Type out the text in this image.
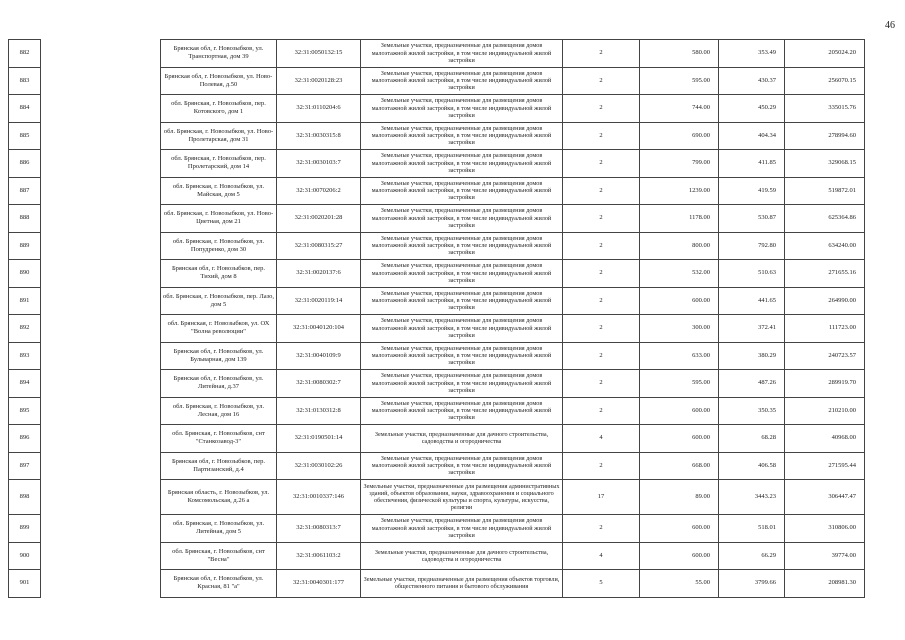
46
882		Брянская обл, г. Новозыбков, ул. Транспортная, дом 39	32:31:0050132:15	Земельные участки, предназначенные для размещения домов малоэтажной жилой застройки, в том числе индивидуальной жилой застройки	2	580.00	353.49	205024.20
883		Брянская обл, г. Новозыбков, ул. Ново-Полевая, д.50	32:31:0020128:23	Земельные участки, предназначенные для размещения домов малоэтажной жилой застройки, в том числе индивидуальной жилой застройки	2	595.00	430.37	256070.15
884		обл. Брянская, г. Новозыбков, пер. Котовского, дом 1	32:31:0110204:6	Земельные участки, предназначенные для размещения домов малоэтажной жилой застройки, в том числе индивидуальной жилой застройки	2	744.00	450.29	335015.76
885		обл. Брянская, г. Новозыбков, ул. Ново-Пролетарская, дом 31	32:31:0030315:8	Земельные участки, предназначенные для размещения домов малоэтажной жилой застройки, в том числе индивидуальной жилой застройки	2	690.00	404.34	278994.60
886		обл. Брянская, г. Новозыбков, пер. Пролетарский, дом 14	32:31:0030103:7	Земельные участки, предназначенные для размещения домов малоэтажной жилой застройки, в том числе индивидуальной жилой застройки	2	799.00	411.85	329068.15
887		обл. Брянская, г. Новозыбков, ул. Майская, дом 5	32:31:0070206:2	Земельные участки, предназначенные для размещения домов малоэтажной жилой застройки, в том числе индивидуальной жилой застройки	2	1239.00	419.59	519872.01
888		обл. Брянская, г. Новозыбков, ул. Ново-Цветная, дом 21	32:31:0020201:28	Земельные участки, предназначенные для размещения домов малоэтажной жилой застройки, в том числе индивидуальной жилой застройки	2	1178.00	530.87	625364.86
889		обл. Брянская, г. Новозыбков, ул. Попудренко, дом 30	32:31:0080315:27	Земельные участки, предназначенные для размещения домов малоэтажной жилой застройки, в том числе индивидуальной жилой застройки	2	800.00	792.80	634240.00
890		Брянская обл, г. Новозыбков, пер. Тихий, дом 8	32:31:0020137:6	Земельные участки, предназначенные для размещения домов малоэтажной жилой застройки, в том числе индивидуальной жилой застройки	2	532.00	510.63	271655.16
891		обл. Брянская, г. Новозыбков, пер. Лазо, дом 5	32:31:0020119:14	Земельные участки, предназначенные для размещения домов малоэтажной жилой застройки, в том числе индивидуальной жилой застройки	2	600.00	441.65	264990.00
892		обл. Брянская, г. Новозыбков, ул. ОХ "Волна революции"	32:31:0040120:104	Земельные участки, предназначенные для размещения домов малоэтажной жилой застройки, в том числе индивидуальной жилой застройки	2	300.00	372.41	111723.00
893		Брянская обл, г. Новозыбков, ул. Бульварная, дом 139	32:31:0040109:9	Земельные участки, предназначенные для размещения домов малоэтажной жилой застройки, в том числе индивидуальной жилой застройки	2	633.00	380.29	240723.57
894		Брянская обл, г. Новозыбков, ул. Литейная, д.37	32:31:0080302:7	Земельные участки, предназначенные для размещения домов малоэтажной жилой застройки, в том числе индивидуальной жилой застройки	2	595.00	487.26	289919.70
895		обл. Брянская, г. Новозыбков, ул. Лесная, дом 16	32:31:0130312:8	Земельные участки, предназначенные для размещения домов малоэтажной жилой застройки, в том числе индивидуальной жилой застройки	2	600.00	350.35	210210.00
896		обл. Брянская, г. Новозыбков, снт "Станкозавод-3"	32:31:0190501:14	Земельные участки, предназначенные для дачного строительства, садоводства и огородничества	4	600.00	68.28	40968.00
897		Брянская обл, г. Новозыбков, пер. Партизанский, д.4	32:31:0030102:26	Земельные участки, предназначенные для размещения домов малоэтажной жилой застройки, в том числе индивидуальной жилой застройки	2	668.00	406.58	271595.44
898		Брянская область, г. Новозыбков, ул. Комсомольская, д.26 а	32:31:0010337:146	Земельные участки, предназначенные для размещения административных зданий, объектов образования, науки, здравоохранения и социального обеспечения, физической культуры и спорта, культуры, искусства, религии	17	89.00	3443.23	306447.47
899		обл. Брянская, г. Новозыбков, ул. Литейная, дом 5	32:31:0080313:7	Земельные участки, предназначенные для размещения домов малоэтажной жилой застройки, в том числе индивидуальной жилой застройки	2	600.00	518.01	310806.00
900		обл. Брянская, г. Новозыбков, снт "Весна"	32:31:0061103:2	Земельные участки, предназначенные для дачного строительства, садоводства и огородничества	4	600.00	66.29	39774.00
901		Брянская обл, г. Новозыбков, ул. Красная, 81 "а"	32:31:0040301:177	Земельные участки, предназначенные для размещения объектов торговли, общественного питания и бытового обслуживания	5	55.00	3799.66	208981.30
